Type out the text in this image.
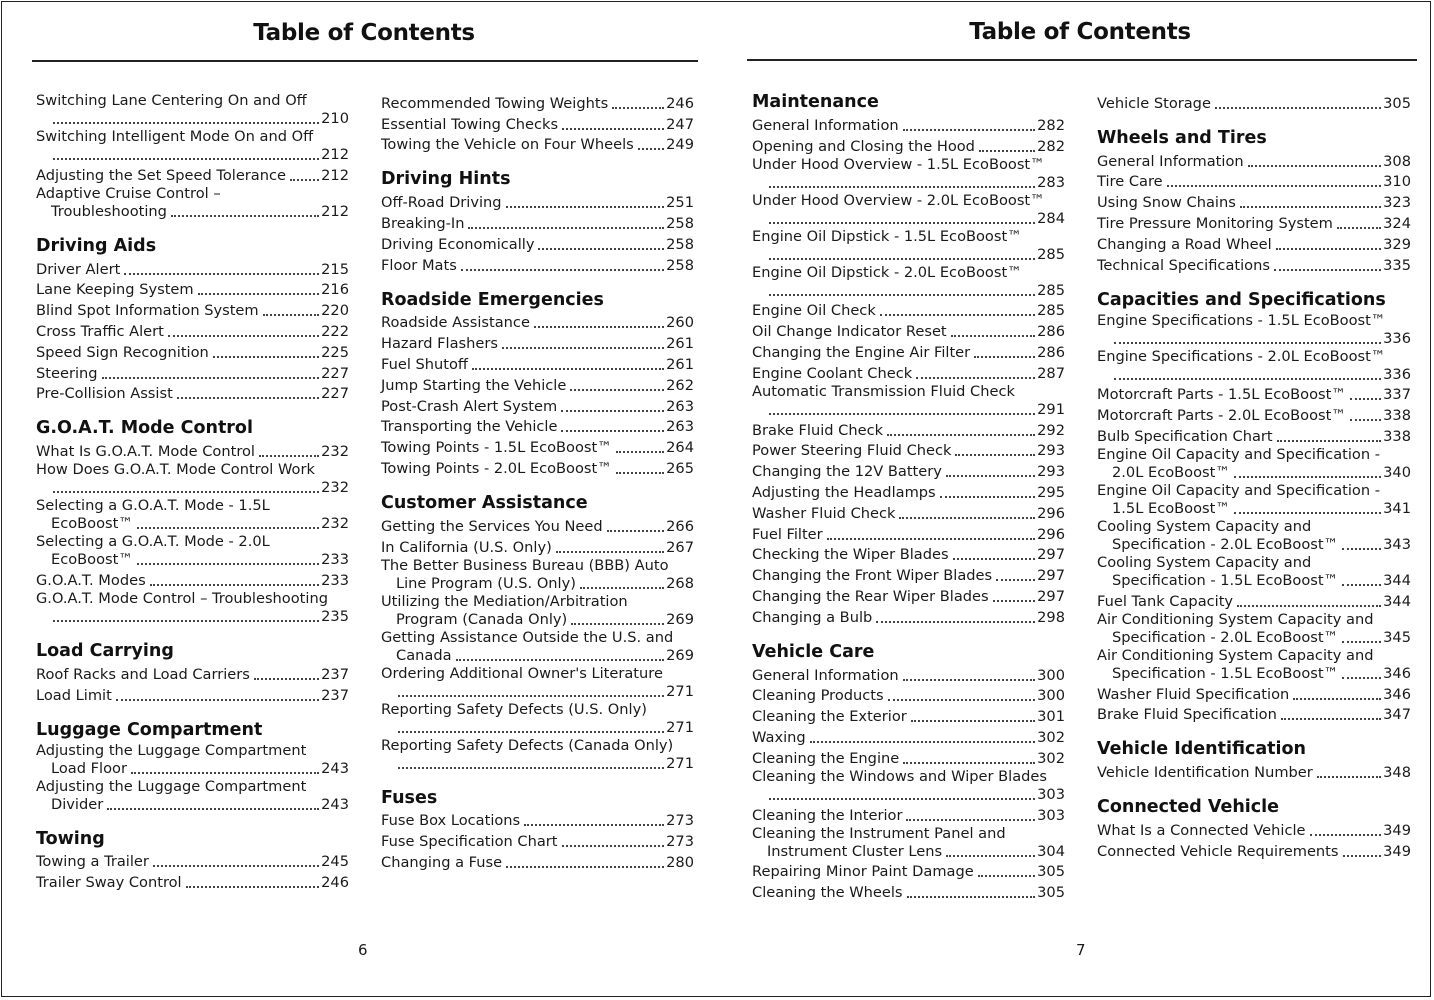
Table of Contents	Table of Contents
Switching Lane Centering On and Off
210
Switching Intelligent Mode On and Off
212
Adjusting the Set Speed Tolerance 212
Adaptive Cruise Control –
Troubleshooting	212
Driving Aids
Driver Alert	215
Lane Keeping System	216
Blind Spot Information System	220
Cross Traffic Alert	222
Speed Sign Recognition	225
Steering	227
Pre-Collision Assist	227
G.O.A.T. Mode Control
What Is G.O.A.T. Mode Control	232
How Does G.O.A.T. Mode Control Work
232
Selecting a G.O.A.T. Mode - 1.5L
EcoBoost™	232
Selecting a G.O.A.T. Mode - 2.0L
EcoBoost™	233
G.O.A.T. Modes	233
G.O.A.T. Mode Control – Troubleshooting
235
Load Carrying
Roof Racks and Load Carriers	237
Load Limit	237
Luggage Compartment
Adjusting the Luggage Compartment
Load Floor	243
Adjusting the Luggage Compartment
Divider	243
Towing
Towing a Trailer	245
Trailer Sway Control	246
Recommended Towing Weights	246
Essential Towing Checks	247
Towing the Vehicle on Four Wheels 249
Driving Hints
Off-Road Driving	251
Breaking-In	258
Driving Economically	258
Floor Mats	258
Roadside Emergencies
Roadside Assistance	260
Hazard Flashers	261
Fuel Shutoff	261
Jump Starting the Vehicle	262
Post-Crash Alert System	263
Transporting the Vehicle	263
Towing Points - 1.5L EcoBoost™	264
Towing Points - 2.0L EcoBoost™	265
Customer Assistance
Getting the Services You Need	266
In California (U.S. Only)	267
The Better Business Bureau (BBB) Auto
Line Program (U.S. Only)	268
Utilizing the Mediation/Arbitration
Program (Canada Only)	269
Getting Assistance Outside the U.S. and
Canada	269
Ordering Additional Owner's Literature
271
Reporting Safety Defects (U.S. Only)
271
Reporting Safety Defects (Canada Only)
271
Fuses
Fuse Box Locations	273
Fuse Specification Chart	273
Changing a Fuse	280
Maintenance
General Information	282
Opening and Closing the Hood	282
Under Hood Overview - 1.5L EcoBoost™
283
Under Hood Overview - 2.0L EcoBoost™
284
Engine Oil Dipstick - 1.5L EcoBoost™
285
Engine Oil Dipstick - 2.0L EcoBoost™
285
Engine Oil Check	285
Oil Change Indicator Reset	286
Changing the Engine Air Filter	286
Engine Coolant Check	287
Automatic Transmission Fluid Check
291
Brake Fluid Check	292
Power Steering Fluid Check	293
Changing the 12V Battery	293
Adjusting the Headlamps	295
Washer Fluid Check	296
Fuel Filter	296
Checking the Wiper Blades	297
Changing the Front Wiper Blades	297
Changing the Rear Wiper Blades	297
Changing a Bulb	298
Vehicle Care
General Information	300
Cleaning Products	300
Cleaning the Exterior	301
Waxing	302
Cleaning the Engine	302
Cleaning the Windows and Wiper Blades
303
Cleaning the Interior	303
Cleaning the Instrument Panel and
Instrument Cluster Lens	304
Repairing Minor Paint Damage	305
Cleaning the Wheels	305
Vehicle Storage	305
Wheels and Tires
General Information	308
Tire Care	310
Using Snow Chains	323
Tire Pressure Monitoring System	324
Changing a Road Wheel	329
Technical Specifications	335
Capacities and Specifications
Engine Specifications - 1.5L EcoBoost™
336
Engine Specifications - 2.0L EcoBoost™
336
Motorcraft Parts - 1.5L EcoBoost™	337
Motorcraft Parts - 2.0L EcoBoost™	338
Bulb Specification Chart	338
Engine Oil Capacity and Specification -
2.0L EcoBoost™	340
Engine Oil Capacity and Specification -
1.5L EcoBoost™	341
Cooling System Capacity and
Specification - 2.0L EcoBoost™	343
Cooling System Capacity and
Specification - 1.5L EcoBoost™	344
Fuel Tank Capacity	344
Air Conditioning System Capacity and
Specification - 2.0L EcoBoost™	345
Air Conditioning System Capacity and
Specification - 1.5L EcoBoost™	346
Washer Fluid Specification	346
Brake Fluid Specification	347
Vehicle Identification
Vehicle Identification Number	348
Connected Vehicle
What Is a Connected Vehicle	349
Connected Vehicle Requirements	349
6	7
